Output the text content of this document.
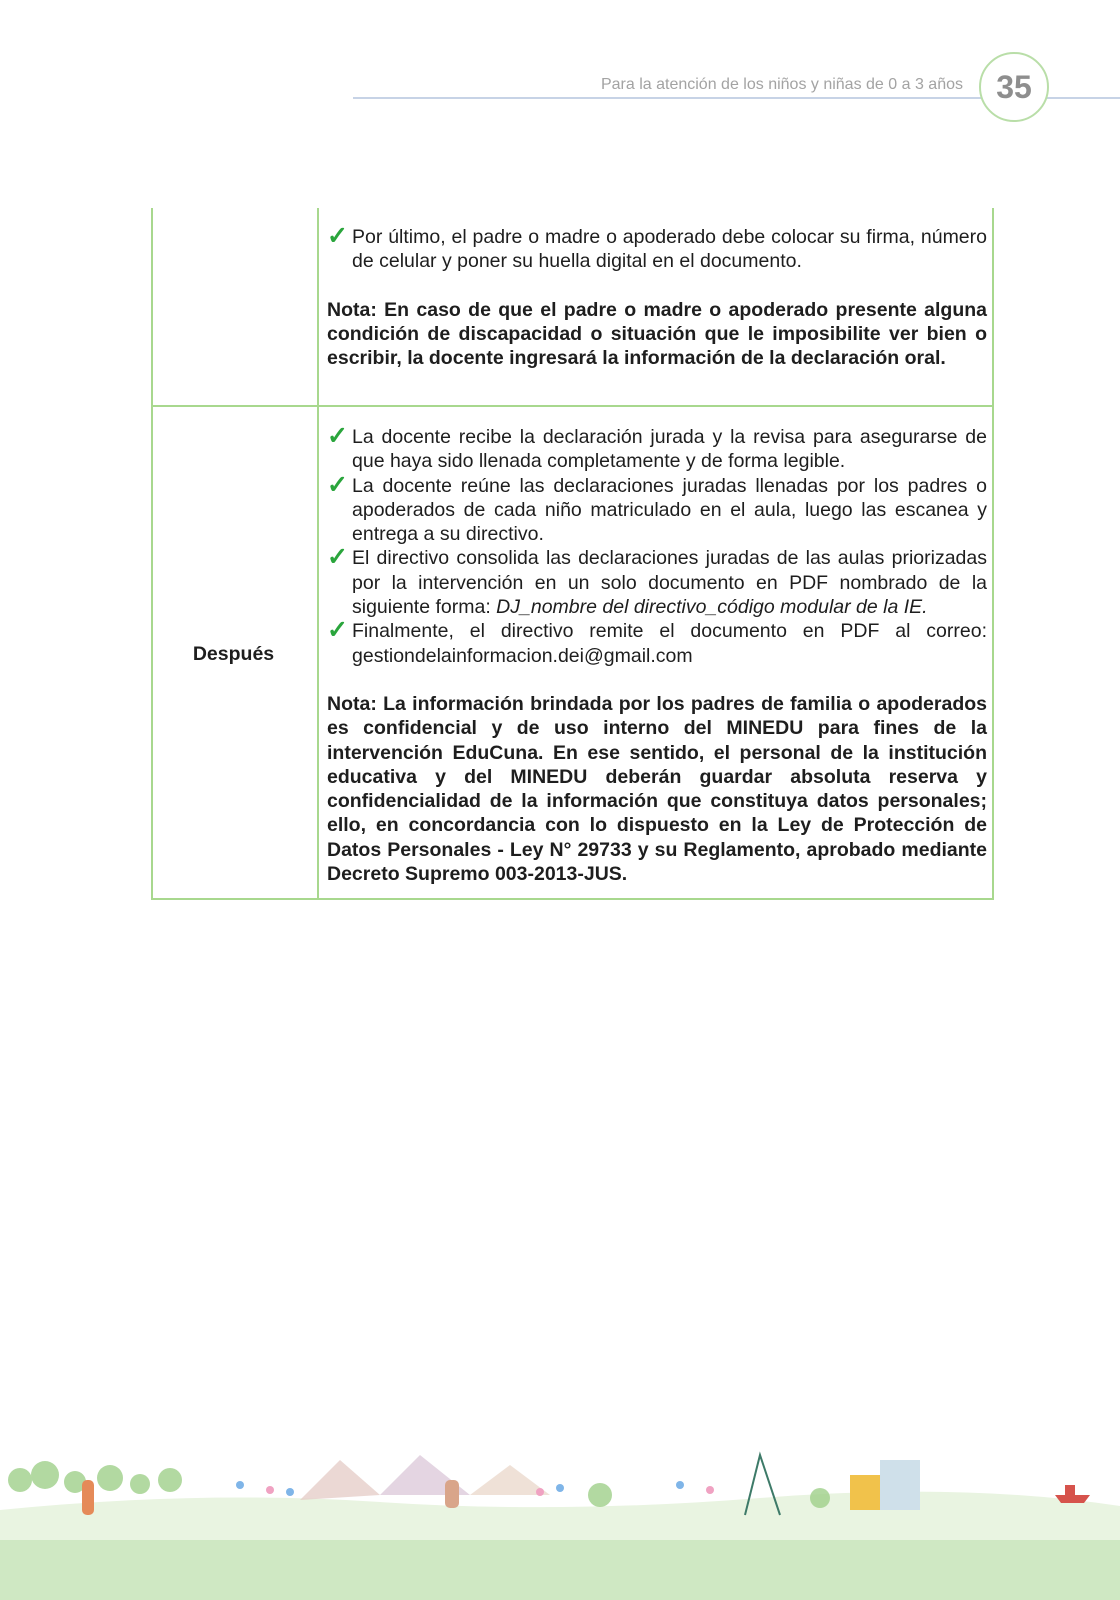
Para la atención de los niños y niñas de 0 a 3 años	35
✓ Por último, el padre o madre o apoderado debe colocar su firma, número de celular y poner su huella digital en el documento.

Nota: En caso de que el padre o madre o apoderado presente alguna condición de discapacidad o situación que le imposibilite ver bien o escribir, la docente ingresará la información de la declaración oral.

Después
✓ La docente recibe la declaración jurada y la revisa para asegurarse de que haya sido llenada completamente y de forma legible.
✓ La docente reúne las declaraciones juradas llenadas por los padres o apoderados de cada niño matriculado en el aula, luego las escanea y entrega a su directivo.
✓ El directivo consolida las declaraciones juradas de las aulas priorizadas por la intervención en un solo documento en PDF nombrado de la siguiente forma: DJ_nombre del directivo_código modular de la IE.
✓ Finalmente, el directivo remite el documento en PDF al correo: gestiondelainformacion.dei@gmail.com

Nota: La información brindada por los padres de familia o apoderados es confidencial y de uso interno del MINEDU para fines de la intervención EduCuna. En ese sentido, el personal de la institución educativa y del MINEDU deberán guardar absoluta reserva y confidencialidad de la información que constituya datos personales; ello, en concordancia con lo dispuesto en la Ley de Protección de Datos Personales - Ley N° 29733 y su Reglamento, aprobado mediante Decreto Supremo 003-2013-JUS.
